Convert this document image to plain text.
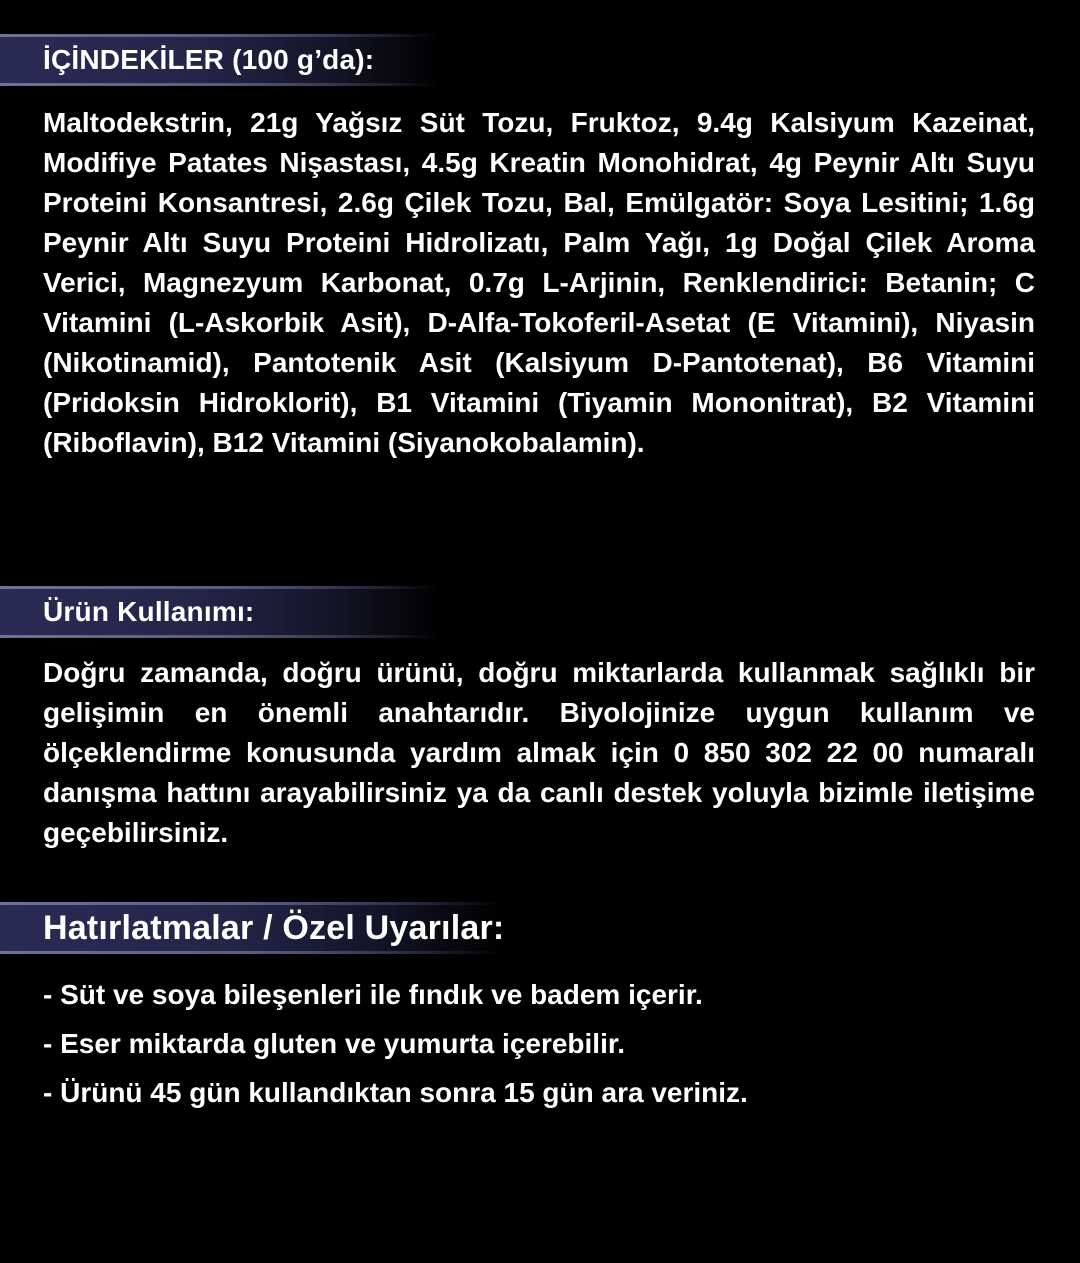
İÇİNDEKİLER (100 g’da):

Maltodekstrin, 21g Yağsız Süt Tozu, Fruktoz, 9.4g Kalsiyum Kazeinat, Modifiye Patates Nişastası, 4.5g Kreatin Monohidrat, 4g Peynir Altı Suyu Proteini Konsantresi, 2.6g Çilek Tozu, Bal, Emülgatör: Soya Lesitini; 1.6g Peynir Altı Suyu Proteini Hidrolizatı, Palm Yağı, 1g Doğal Çilek Aroma Verici, Magnezyum Karbonat, 0.7g L-Arjinin, Renklendirici: Betanin; C Vitamini (L-Askorbik Asit), D-Alfa-Tokoferil-Asetat (E Vitamini), Niyasin (Nikotinamid), Pantotenik Asit (Kalsiyum D-Pantotenat), B6 Vitamini (Pridoksin Hidroklorit), B1 Vitamini (Tiyamin Mononitrat), B2 Vitamini (Riboflavin), B12 Vitamini (Siyanokobalamin).

Ürün Kullanımı:

Doğru zamanda, doğru ürünü, doğru miktarlarda kullanmak sağlıklı bir gelişimin en önemli anahtarıdır. Biyolojinize uygun kullanım ve ölçeklendirme konusunda yardım almak için 0 850 302 22 00 numaralı danışma hattını arayabilirsiniz ya da canlı destek yoluyla bizimle iletişime geçebilirsiniz.

Hatırlatmalar / Özel Uyarılar:
- Süt ve soya bileşenleri ile fındık ve badem içerir.
- Eser miktarda gluten ve yumurta içerebilir.
- Ürünü 45 gün kullandıktan sonra 15 gün ara veriniz.
